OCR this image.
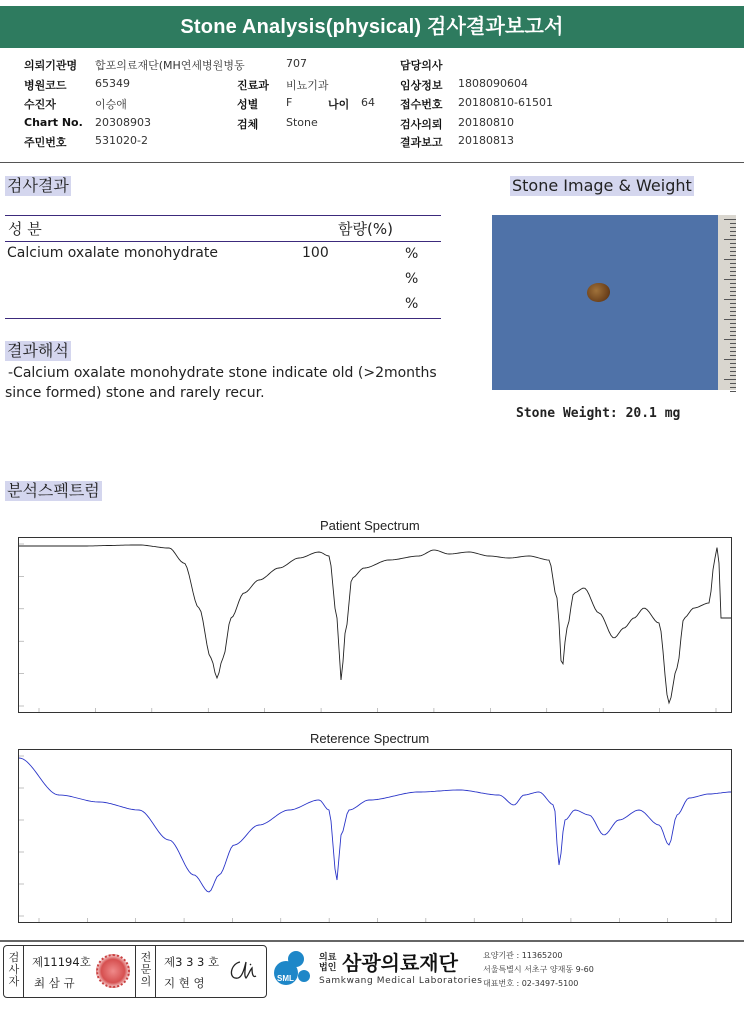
Stone Analysis(physical) 검사결과보고서
의뢰기관명 합포의료재단(MH연세병원병동	707	담당의사
병원코드	65349	진료과 비뇨기과	임상정보 1808090604
수진자	이승애	성별	F	나이 64 접수번호 20180810-61501
Chart No. 20308903	검체	Stone	검사의뢰 20180810
주민번호	531020-2	결과보고 20180813
검사결과
성 분	함량(%)
Calcium oxalate monohydrate	100	%
%
%
결과해석
-Calcium oxalate monohydrate stone indicate old (>2months
since formed) stone and rarely recur.
Stone Image & Weight
Stone Weight: 20.1 mg
분석스펙트럼
Patient Spectrum
Reterence Spectrum
검사자
제11194호
최 삼 규
전문의
제3 3 3 호
지 현 영	SML
의료
법인 삼광의료재단
Samkwang Medical Laboratories
요양기관 : 11365200
서울특별시 서초구 양재동 9-60
대표번호 : 02-3497-5100
